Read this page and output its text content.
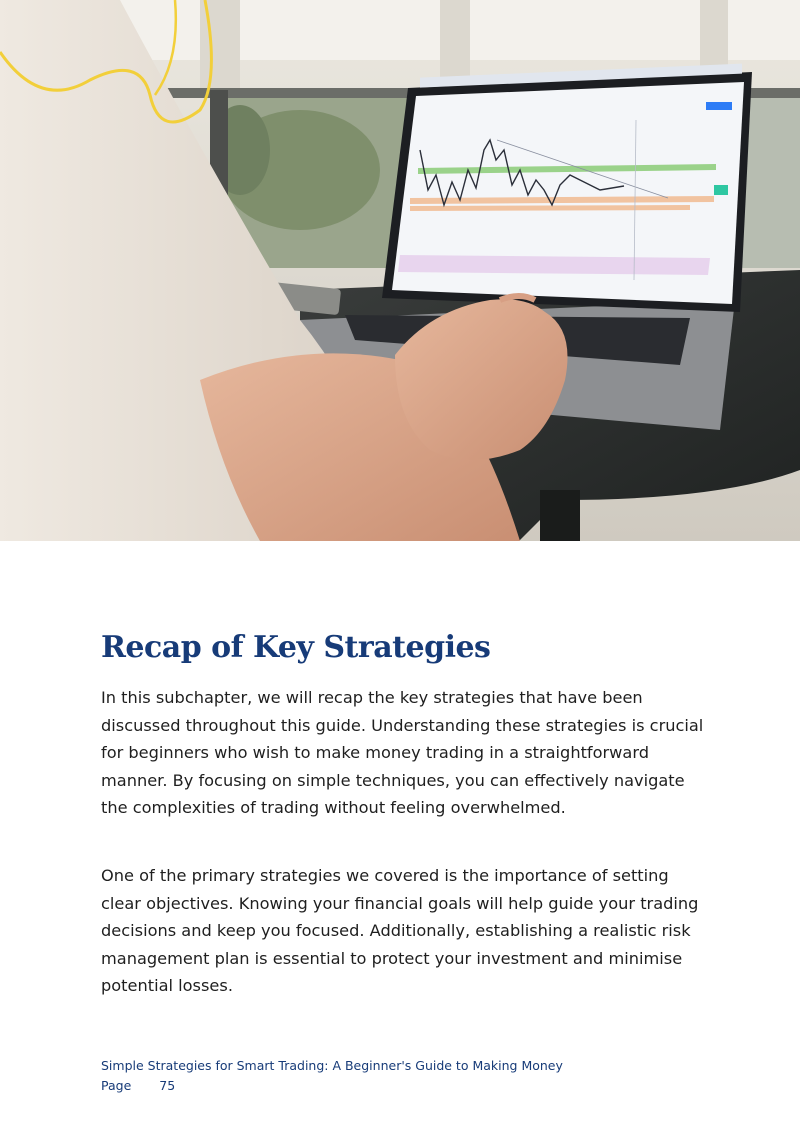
Recap of Key Strategies

In this subchapter, we will recap the key strategies that have been discussed throughout this guide. Understanding these strategies is crucial for beginners who wish to make money trading in a straightforward manner. By focusing on simple techniques, you can effectively navigate the complexities of trading without feeling overwhelmed.

One of the primary strategies we covered is the importance of setting clear objectives. Knowing your financial goals will help guide your trading decisions and keep you focused. Additionally, establishing a realistic risk management plan is essential to protect your investment and minimise potential losses.

Simple Strategies for Smart Trading: A Beginner's Guide to Making Money
Page 75
